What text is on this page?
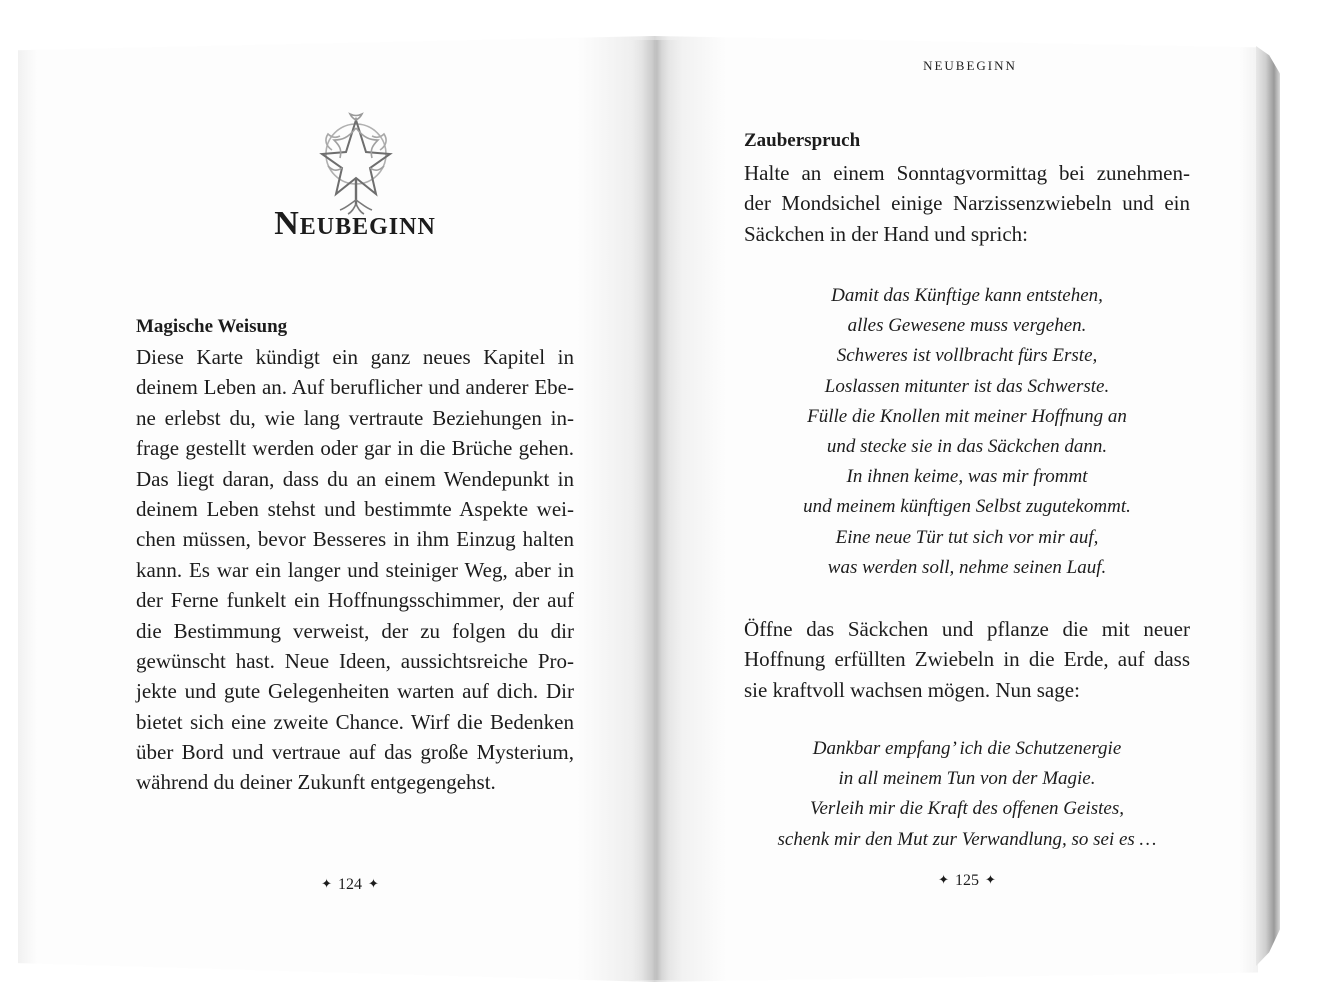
Neubeginn
Magische Weisung
Diese Karte kündigt ein ganz neues Kapitel in
deinem Leben an. Auf beruflicher und anderer Ebe-
ne erlebst du, wie lang vertraute Beziehungen in-
frage gestellt werden oder gar in die Brüche gehen.
Das liegt daran, dass du an einem Wendepunkt in
deinem Leben stehst und bestimmte Aspekte wei-
chen müssen, bevor Besseres in ihm Einzug halten
kann. Es war ein langer und steiniger Weg, aber in
der Ferne funkelt ein Hoffnungsschimmer, der auf
die Bestimmung verweist, der zu folgen du dir
gewünscht hast. Neue Ideen, aussichtsreiche Pro-
jekte und gute Gelegenheiten warten auf dich. Dir
bietet sich eine zweite Chance. Wirf die Bedenken
über Bord und vertraue auf das große Mysterium,
während du deiner Zukunft entgegengehst.
✦ 124 ✦
NEUBEGINN
Zauberspruch
Halte an einem Sonntagvormittag bei zunehmen-
der Mondsichel einige Narzissenzwiebeln und ein
Säckchen in der Hand und sprich:
Damit das Künftige kann entstehen,
alles Gewesene muss vergehen.
Schweres ist vollbracht fürs Erste,
Loslassen mitunter ist das Schwerste.
Fülle die Knollen mit meiner Hoffnung an
und stecke sie in das Säckchen dann.
In ihnen keime, was mir frommt
und meinem künftigen Selbst zugutekommt.
Eine neue Tür tut sich vor mir auf,
was werden soll, nehme seinen Lauf.
Öffne das Säckchen und pflanze die mit neuer
Hoffnung erfüllten Zwiebeln in die Erde, auf dass
sie kraftvoll wachsen mögen. Nun sage:
Dankbar empfang’ ich die Schutzenergie
in all meinem Tun von der Magie.
Verleih mir die Kraft des offenen Geistes,
schenk mir den Mut zur Verwandlung, so sei es …
✦ 125 ✦
